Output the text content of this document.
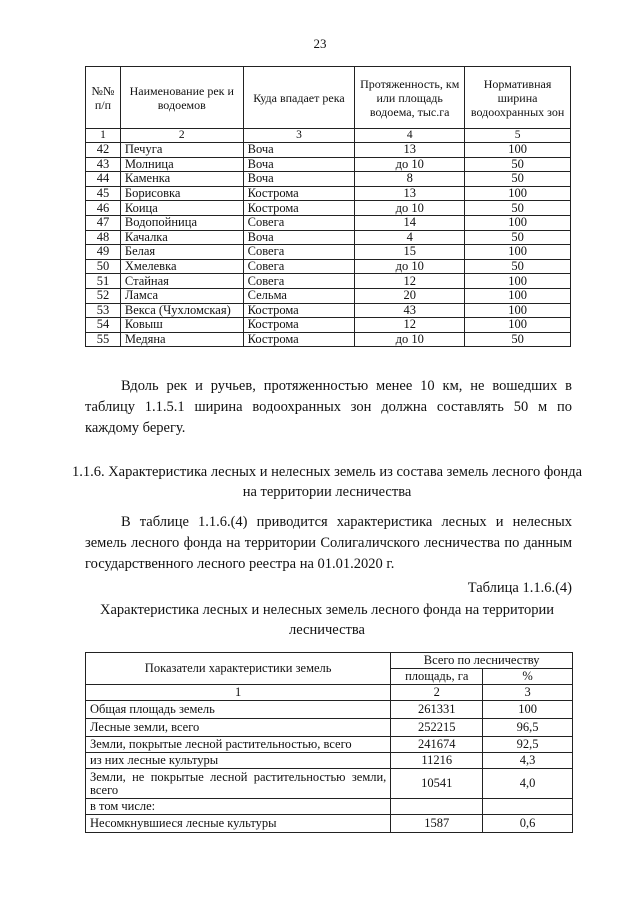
23
№№ п/п	Наименование рек и водоемов	Куда впадает река	Протяженность, км или площадь водоема, тыс.га	Нормативная ширина водоохранных зон
1	2	3	4	5
42	Печуга	Воча	13	100
43	Молница	Воча	до 10	50
44	Каменка	Воча	8	50
45	Борисовка	Кострома	13	100
46	Коица	Кострома	до 10	50
47	Водопойница	Совега	14	100
48	Качалка	Воча	4	50
49	Белая	Совега	15	100
50	Хмелевка	Совега	до 10	50
51	Стайная	Совега	12	100
52	Ламса	Сельма	20	100
53	Векса (Чухломская)	Кострома	43	100
54	Ковыш	Кострома	12	100
55	Медяна	Кострома	до 10	50
Вдоль рек и ручьев, протяженностью менее 10 км, не вошедших в таблицу 1.1.5.1 ширина водоохранных зон должна составлять 50 м по каждому берегу.
1.1.6. Характеристика лесных и нелесных земель из состава земель лесного фонда на территории лесничества
В таблице 1.1.6.(4) приводится характеристика лесных и нелесных земель лесного фонда на территории Солигаличского лесничества по данным государственного лесного реестра на 01.01.2020 г.
Таблица 1.1.6.(4)
Характеристика лесных и нелесных земель лесного фонда на территории лесничества
Показатели характеристики земель	Всего по лесничеству	
	площадь, га	%
1	2	3
Общая площадь земель	261331	100
Лесные земли, всего	252215	96,5
Земли, покрытые лесной растительностью, всего	241674	92,5
из них лесные культуры	11216	4,3
Земли, не покрытые лесной растительностью земли, всего	10541	4,0
в том числе:		
Несомкнувшиеся лесные культуры	1587	0,6
